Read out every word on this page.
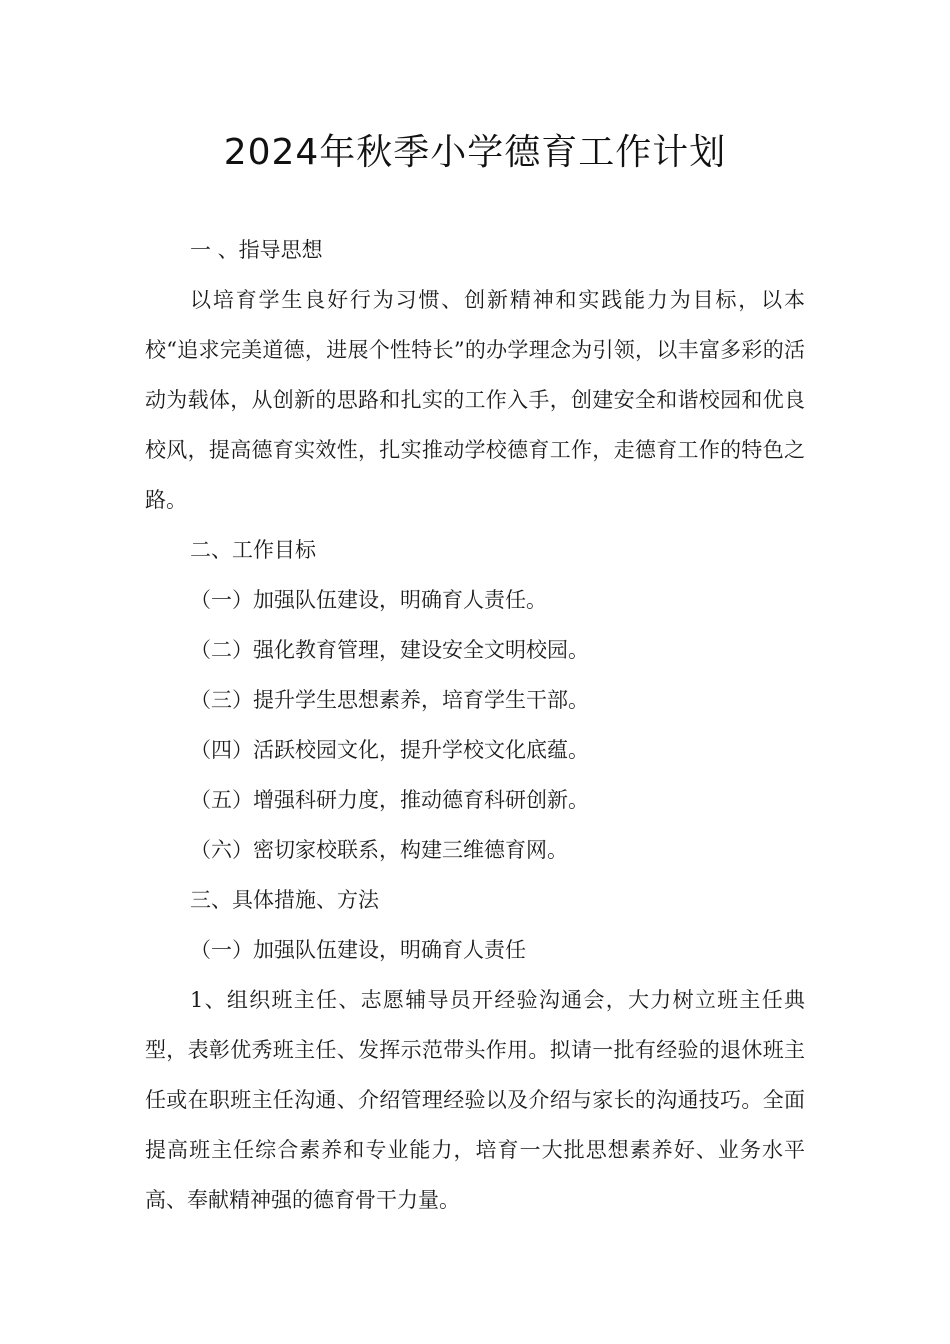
2024年秋季小学德育工作计划

一 、指导思想

以培育学生良好行为习惯、创新精神和实践能力为目标，以本校“追求完美道德，进展个性特长”的办学理念为引领，以丰富多彩的活动为载体，从创新的思路和扎实的工作入手，创建安全和谐校园和优良校风，提高德育实效性，扎实推动学校德育工作，走德育工作的特色之路。

二、工作目标

（一）加强队伍建设，明确育人责任。

（二）强化教育管理，建设安全文明校园。

（三）提升学生思想素养，培育学生干部。

（四）活跃校园文化，提升学校文化底蕴。

（五）增强科研力度，推动德育科研创新。

（六）密切家校联系，构建三维德育网。

三、具体措施、方法

（一）加强队伍建设，明确育人责任

1、组织班主任、志愿辅导员开经验沟通会，大力树立班主任典型，表彰优秀班主任、发挥示范带头作用。拟请一批有经验的退休班主任或在职班主任沟通、介绍管理经验以及介绍与家长的沟通技巧。全面提高班主任综合素养和专业能力，培育一大批思想素养好、业务水平高、奉献精神强的德育骨干力量。
